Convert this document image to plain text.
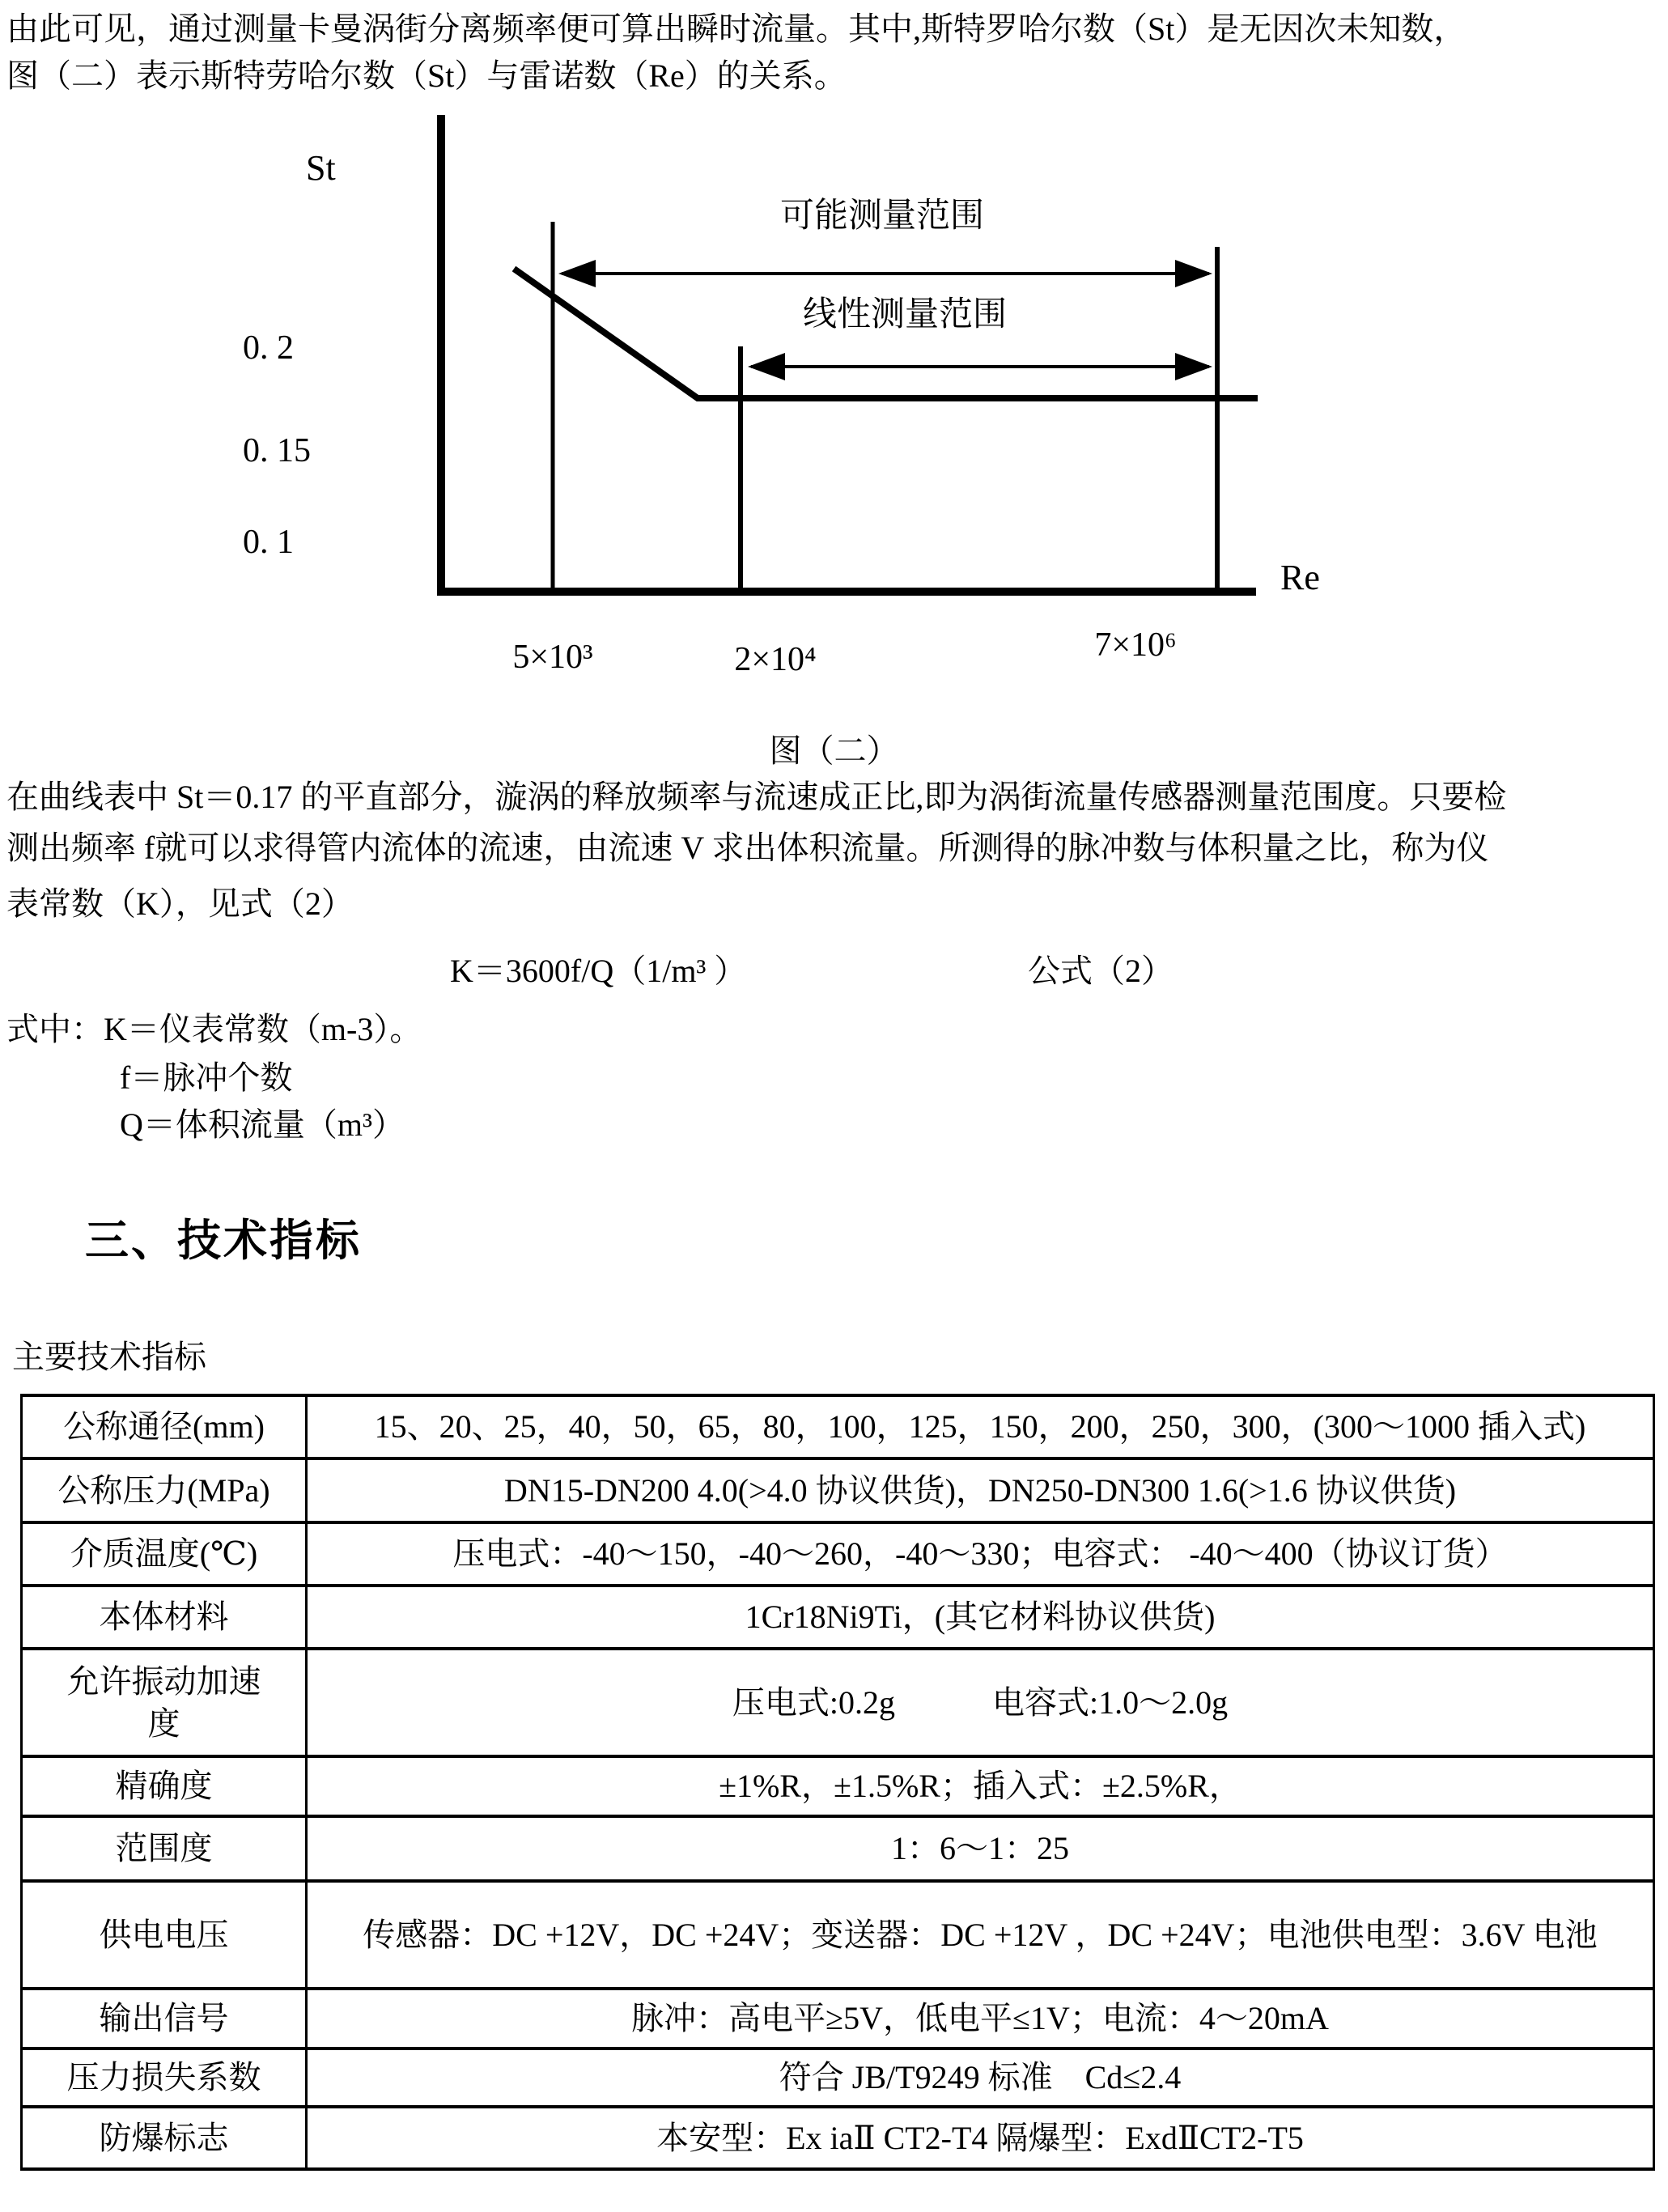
由此可见，通过测量卡曼涡街分离频率便可算出瞬时流量。其中,斯特罗哈尔数（St）是无因次未知数，
图（二）表示斯特劳哈尔数（St）与雷诺数（Re）的关系。
St
Re
0. 2
0. 15
0. 1
可能测量范围
线性测量范围
5×10³	2×10⁴	7×10⁶
图（二）
在曲线表中 St＝0.17 的平直部分，漩涡的释放频率与流速成正比,即为涡街流量传感器测量范围度。只要检
测出频率 f就可以求得管内流体的流速，由流速 V 求出体积流量。所测得的脉冲数与体积量之比，称为仪
表常数（K），见式（2）
K＝3600f/Q（1/m³ ）	公式（2）
式中：K＝仪表常数（m-3）。
f＝脉冲个数
Q＝体积流量（m³）
三、技术指标
主要技术指标
公称通径(mm)	15、20、25，40，50，65，80，100，125，150，200，250，300，(300～1000 插入式)
公称压力(MPa)	DN15-DN200 4.0(>4.0 协议供货)，DN250-DN300 1.6(>1.6 协议供货)
介质温度(℃)	压电式：-40～150，-40～260，-40～330；电容式： -40～400（协议订货）
本体材料	1Cr18Ni9Ti，(其它材料协议供货)
允许振动加速度	压电式:0.2g　　　电容式:1.0～2.0g
精确度	±1%R，±1.5%R；插入式：±2.5%R，
范围度	1：6～1：25
供电电压	传感器：DC +12V，DC +24V；变送器：DC +12V ，DC +24V；电池供电型：3.6V 电池
输出信号	脉冲：高电平≥5V，低电平≤1V；电流：4～20mA
压力损失系数	符合 JB/T9249 标准　Cd≤2.4
防爆标志	本安型：Ex iaⅡ CT2-T4 隔爆型：ExdⅡCT2-T5
